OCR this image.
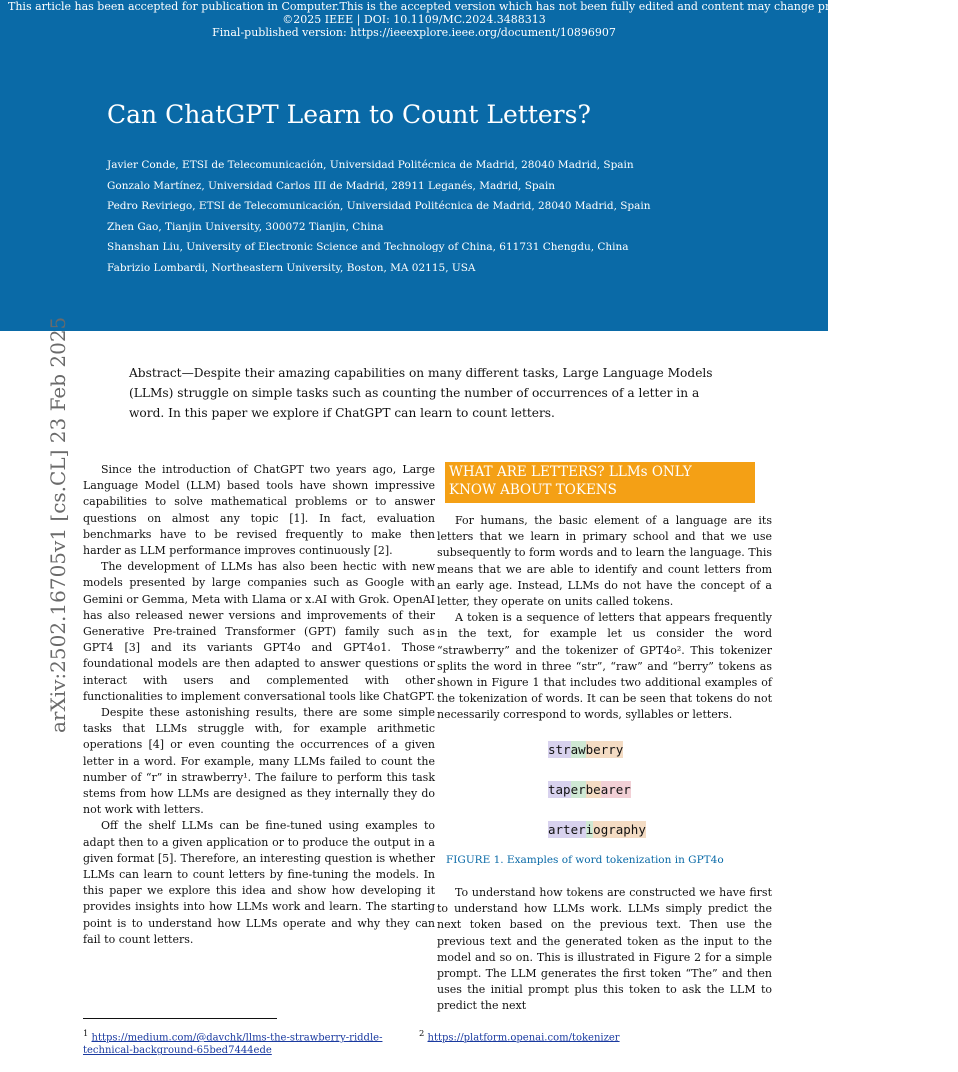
This article has been accepted for publication in Computer.This is the accepted version which has not been fully edited and content may change prior to final publication.
©2025 IEEE | DOI: 10.1109/MC.2024.3488313
Final-published version: https://ieeexplore.ieee.org/document/10896907
Can ChatGPT Learn to Count Letters?
Javier Conde, ETSI de Telecomunicación, Universidad Politécnica de Madrid, 28040 Madrid, Spain
Gonzalo Martínez, Universidad Carlos III de Madrid, 28911 Leganés, Madrid, Spain
Pedro Reviriego, ETSI de Telecomunicación, Universidad Politécnica de Madrid, 28040 Madrid, Spain
Zhen Gao, Tianjin University, 300072 Tianjin, China
Shanshan Liu, University of Electronic Science and Technology of China, 611731 Chengdu, China
Fabrizio Lombardi, Northeastern University, Boston, MA 02115, USA
arXiv:2502.16705v1 [cs.CL] 23 Feb 2025	Abstract—Despite their amazing capabilities on many different tasks, Large Language Models (LLMs) struggle on simple tasks such as counting the number of occurrences of a letter in a word. In this paper we explore if ChatGPT can learn to count letters.

Since the introduction of ChatGPT two years ago, Large Language Model (LLM) based tools have shown impressive capabilities to solve mathematical problems or to answer questions on almost any topic [1]. In fact, evaluation benchmarks have to be revised frequently to make then harder as LLM performance improves continuously [2].

The development of LLMs has also been hectic with new models presented by large companies such as Google with Gemini or Gemma, Meta with Llama or x.AI with Grok. OpenAI has also released newer versions and improvements of their Generative Pre-trained Transformer (GPT) family such as GPT4 [3] and its variants GPT4o and GPT4o1. Those foundational models are then adapted to answer questions or interact with users and complemented with other functionalities to implement conversational tools like ChatGPT.

Despite these astonishing results, there are some simple tasks that LLMs struggle with, for example arithmetic operations [4] or even counting the occurrences of a given letter in a word. For example, many LLMs failed to count the number of “r” in strawberry¹. The failure to perform this task stems from how LLMs are designed as they internally they do not work with letters.

Off the shelf LLMs can be fine-tuned using examples to adapt then to a given application or to produce the output in a given format [5]. Therefore, an interesting question is whether LLMs can learn to count letters by fine-tuning the models. In this paper we explore this idea and show how developing it provides insights into how LLMs work and learn. The starting point is to understand how LLMs operate and why they can fail to count letters.

WHAT ARE LETTERS? LLMs ONLY
KNOW ABOUT TOKENS

For humans, the basic element of a language are its letters that we learn in primary school and that we use subsequently to form words and to learn the language. This means that we are able to identify and count letters from an early age. Instead, LLMs do not have the concept of a letter, they operate on units called tokens.

A token is a sequence of letters that appears frequently in the text, for example let us consider the word “strawberry” and the tokenizer of GPT4o². This tokenizer splits the word in three “str”, “raw” and “berry” tokens as shown in Figure 1 that includes two additional examples of the tokenization of words. It can be seen that tokens do not necessarily correspond to words, syllables or letters.

strawberry
taperbearer
arteriography
FIGURE 1. Examples of word tokenization in GPT4o

To understand how tokens are constructed we have first to understand how LLMs work. LLMs simply predict the next token based on the previous text. Then use the previous text and the generated token as the input to the model and so on. This is illustrated in Figure 2 for a simple prompt. The LLM generates the first token “The” and then uses the initial prompt plus this token to ask the LLM to predict the next

$^1$ https://medium.com/@davchk/llms-the-strawberry-riddle-technical-background-65bed7444ede
$^2$ https://platform.openai.com/tokenizer
